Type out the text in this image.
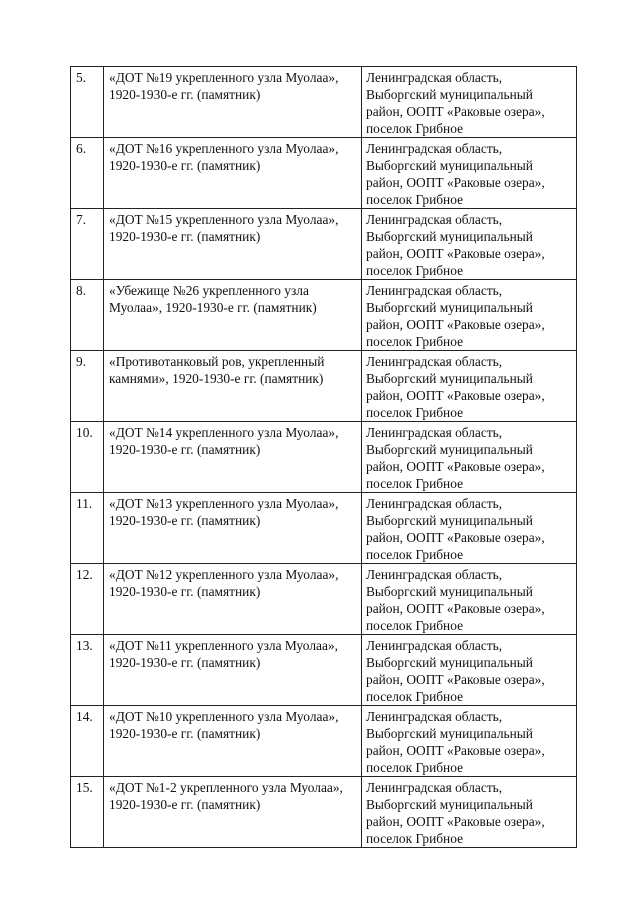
5.	«ДОТ №19 укрепленного узла Муолаа»,
1920-1930-е гг. (памятник)	Ленинградская область,
Выборгский муниципальный
район, ООПТ «Раковые озера»,
поселок Грибное

6.	«ДОТ №16 укрепленного узла Муолаа»,
1920-1930-е гг. (памятник)	Ленинградская область,
Выборгский муниципальный
район, ООПТ «Раковые озера»,
поселок Грибное

7.	«ДОТ №15 укрепленного узла Муолаа»,
1920-1930-е гг. (памятник)	Ленинградская область,
Выборгский муниципальный
район, ООПТ «Раковые озера»,
поселок Грибное

8.	«Убежище №26 укрепленного узла
Муолаа», 1920-1930-е гг. (памятник)	Ленинградская область,
Выборгский муниципальный
район, ООПТ «Раковые озера»,
поселок Грибное

9.	«Противотанковый ров, укрепленный
камнями», 1920-1930-е гг. (памятник)	Ленинградская область,
Выборгский муниципальный
район, ООПТ «Раковые озера»,
поселок Грибное

10.	«ДОТ №14 укрепленного узла Муолаа»,
1920-1930-е гг. (памятник)	Ленинградская область,
Выборгский муниципальный
район, ООПТ «Раковые озера»,
поселок Грибное

11.	«ДОТ №13 укрепленного узла Муолаа»,
1920-1930-е гг. (памятник)	Ленинградская область,
Выборгский муниципальный
район, ООПТ «Раковые озера»,
поселок Грибное

12.	«ДОТ №12 укрепленного узла Муолаа»,
1920-1930-е гг. (памятник)	Ленинградская область,
Выборгский муниципальный
район, ООПТ «Раковые озера»,
поселок Грибное

13.	«ДОТ №11 укрепленного узла Муолаа»,
1920-1930-е гг. (памятник)	Ленинградская область,
Выборгский муниципальный
район, ООПТ «Раковые озера»,
поселок Грибное

14.	«ДОТ №10 укрепленного узла Муолаа»,
1920-1930-е гг. (памятник)	Ленинградская область,
Выборгский муниципальный
район, ООПТ «Раковые озера»,
поселок Грибное

15.	«ДОТ №1-2 укрепленного узла Муолаа»,
1920-1930-е гг. (памятник)	Ленинградская область,
Выборгский муниципальный
район, ООПТ «Раковые озера»,
поселок Грибное
